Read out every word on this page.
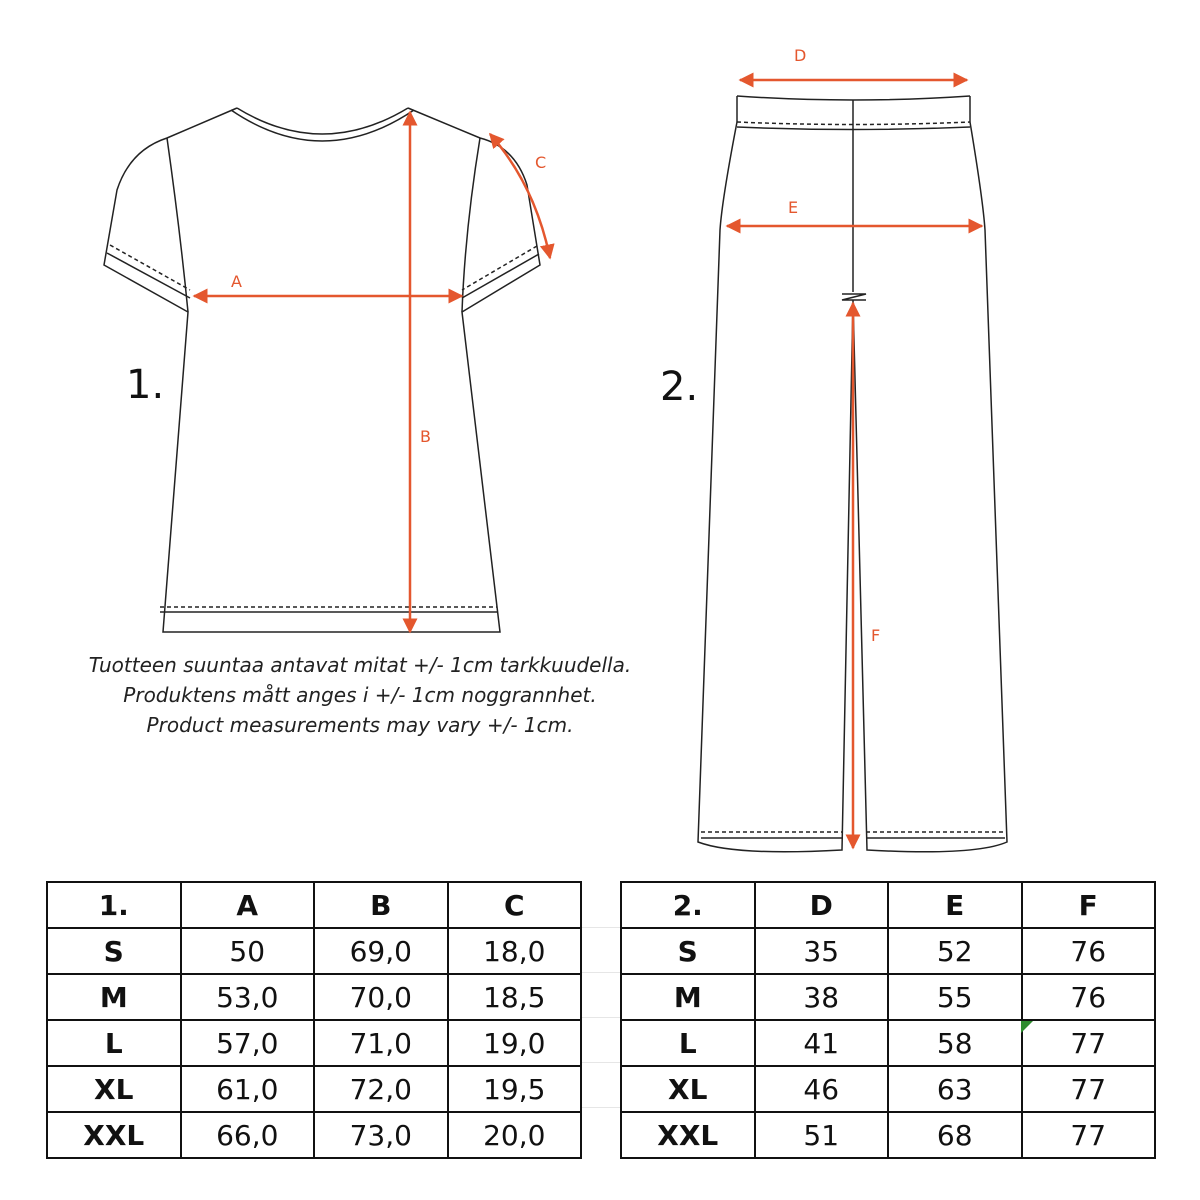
A
B
C
1.
D
E
F
2.
Tuotteen suuntaa antavat mitat +/- 1cm tarkkuudella.
Produktens mått anges i +/- 1cm noggrannhet.
Product measurements may vary +/- 1cm.
1.	A	B	C
S	50	69,0	18,0
M	53,0	70,0	18,5
L	57,0	71,0	19,0
XL	61,0	72,0	19,5
XXL	66,0	73,0	20,0
2.	D	E	F
S	35	52	76
M	38	55	76
L	41	58	77
XL	46	63	77
XXL	51	68	77
